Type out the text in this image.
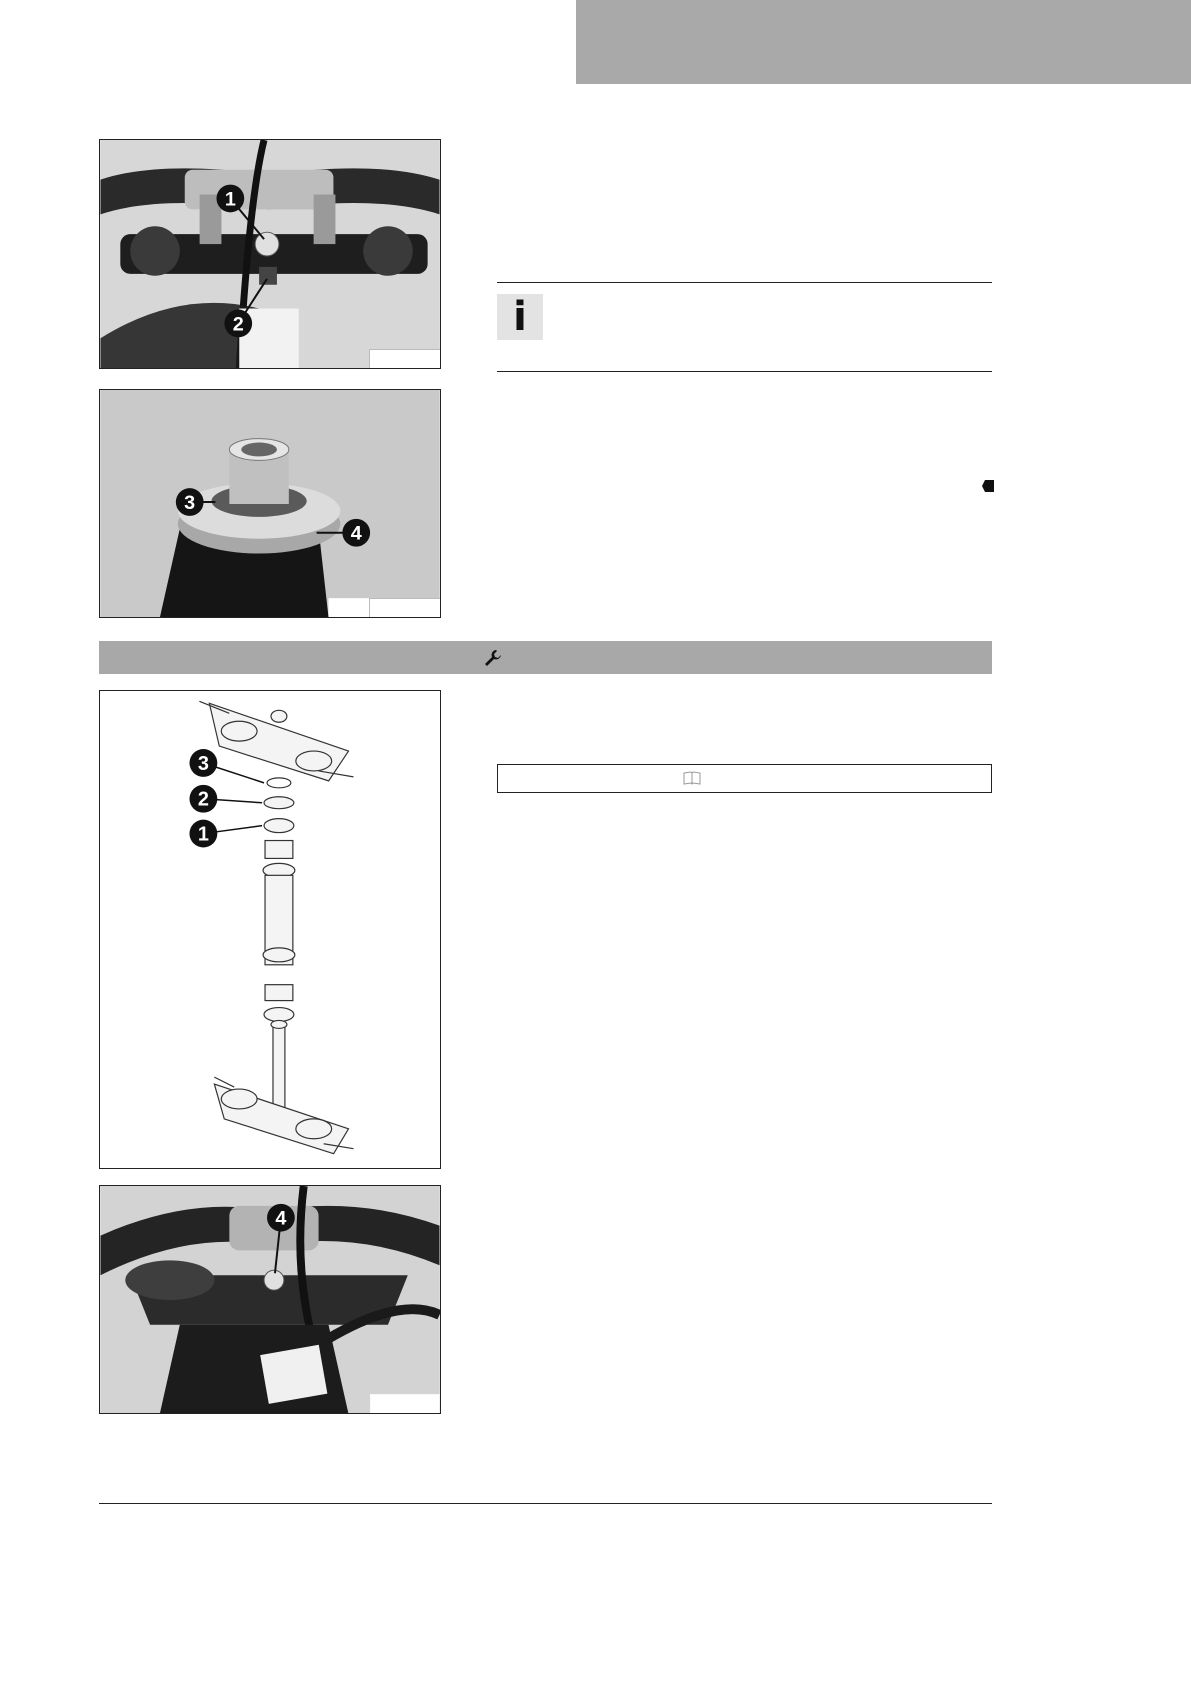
1
2	i
3
4
3
2
1
4
